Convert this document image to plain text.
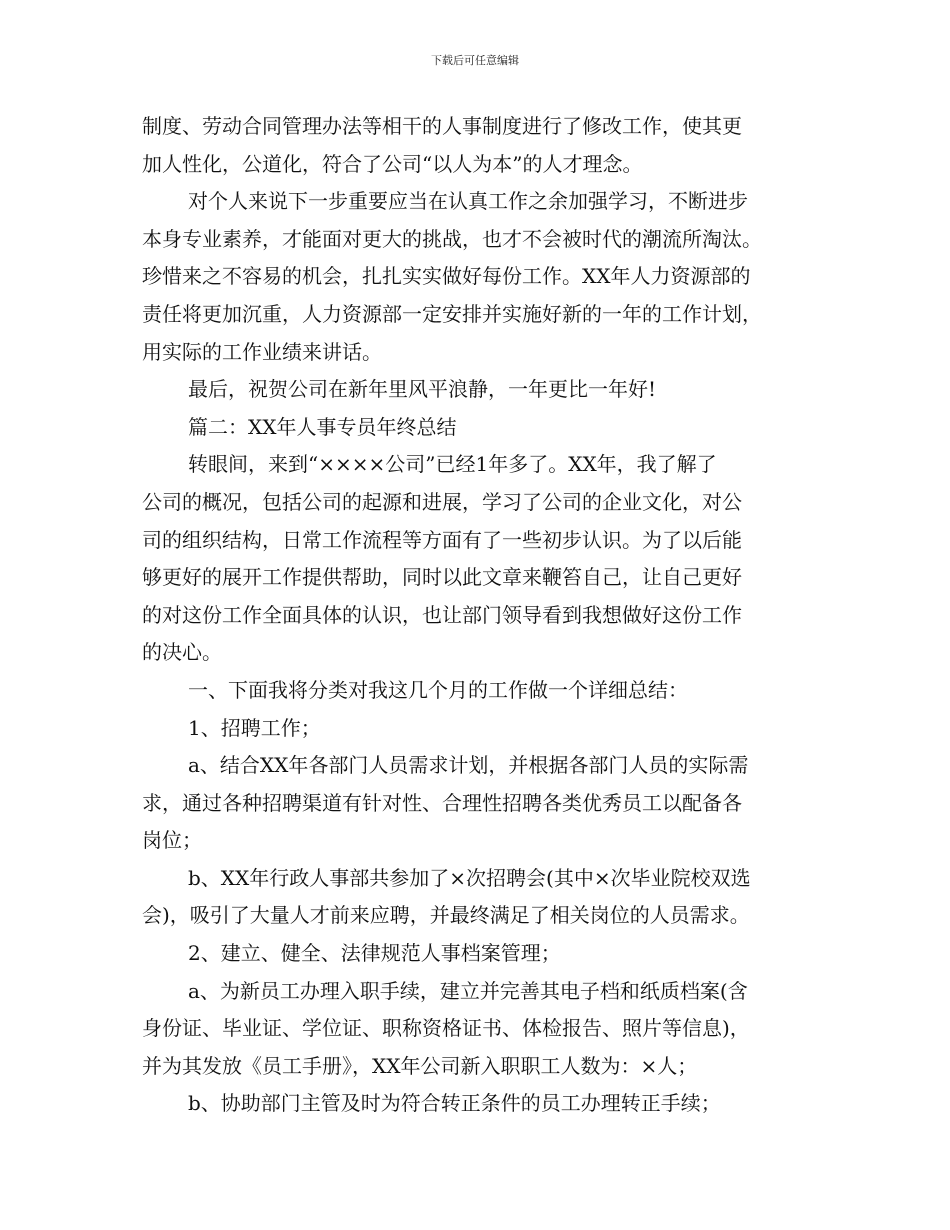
下载后可任意编辑

制度、劳动合同管理办法等相干的人事制度进行了修改工作，使其更

加人性化，公道化，符合了公司“以人为本”的人才理念。

对个人来说下一步重要应当在认真工作之余加强学习，不断进步

本身专业素养，才能面对更大的挑战，也才不会被时代的潮流所淘汰。

珍惜来之不容易的机会，扎扎实实做好每份工作。XX年人力资源部的

责任将更加沉重，人力资源部一定安排并实施好新的一年的工作计划，

用实际的工作业绩来讲话。

最后，祝贺公司在新年里风平浪静，一年更比一年好!

篇二：XX年人事专员年终总结

转眼间，来到“××××公司”已经1年多了。XX年，我了解了

公司的概况，包括公司的起源和进展，学习了公司的企业文化，对公

司的组织结构，日常工作流程等方面有了一些初步认识。为了以后能

够更好的展开工作提供帮助，同时以此文章来鞭笞自己，让自己更好

的对这份工作全面具体的认识，也让部门领导看到我想做好这份工作

的决心。

一、下面我将分类对我这几个月的工作做一个详细总结：

1、招聘工作；

a、结合XX年各部门人员需求计划，并根据各部门人员的实际需

求，通过各种招聘渠道有针对性、合理性招聘各类优秀员工以配备各

岗位；

b、XX年行政人事部共参加了×次招聘会(其中×次毕业院校双选

会)，吸引了大量人才前来应聘，并最终满足了相关岗位的人员需求。

2、建立、健全、法律规范人事档案管理；

a、为新员工办理入职手续，建立并完善其电子档和纸质档案(含

身份证、毕业证、学位证、职称资格证书、体检报告、照片等信息)，

并为其发放《员工手册》，XX年公司新入职职工人数为：×人；

b、协助部门主管及时为符合转正条件的员工办理转正手续；
